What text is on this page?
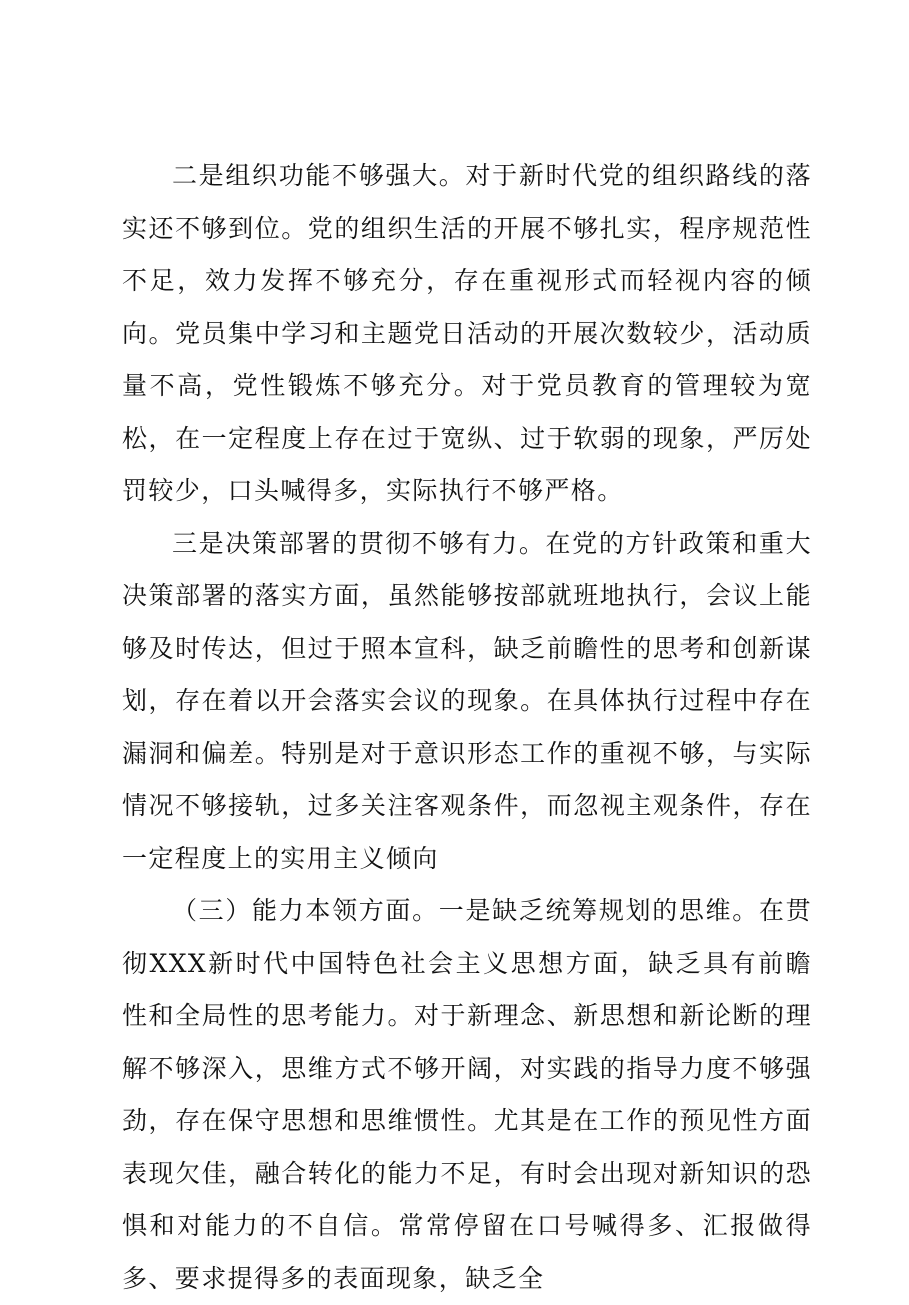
二是组织功能不够强大。对于新时代党的组织路线的落实还不够到位。党的组织生活的开展不够扎实，程序规范性不足，效力发挥不够充分，存在重视形式而轻视内容的倾向。党员集中学习和主题党日活动的开展次数较少，活动质量不高，党性锻炼不够充分。对于党员教育的管理较为宽松，在一定程度上存在过于宽纵、过于软弱的现象，严厉处罚较少，口头喊得多，实际执行不够严格。

三是决策部署的贯彻不够有力。在党的方针政策和重大决策部署的落实方面，虽然能够按部就班地执行，会议上能够及时传达，但过于照本宣科，缺乏前瞻性的思考和创新谋划，存在着以开会落实会议的现象。在具体执行过程中存在漏洞和偏差。特别是对于意识形态工作的重视不够，与实际情况不够接轨，过多关注客观条件，而忽视主观条件，存在一定程度上的实用主义倾向

（三）能力本领方面。一是缺乏统筹规划的思维。在贯彻XXX新时代中国特色社会主义思想方面，缺乏具有前瞻性和全局性的思考能力。对于新理念、新思想和新论断的理解不够深入，思维方式不够开阔，对实践的指导力度不够强劲，存在保守思想和思维惯性。尤其是在工作的预见性方面表现欠佳，融合转化的能力不足，有时会出现对新知识的恐惧和对能力的不自信。常常停留在口号喊得多、汇报做得多、要求提得多的表面现象，缺乏全
